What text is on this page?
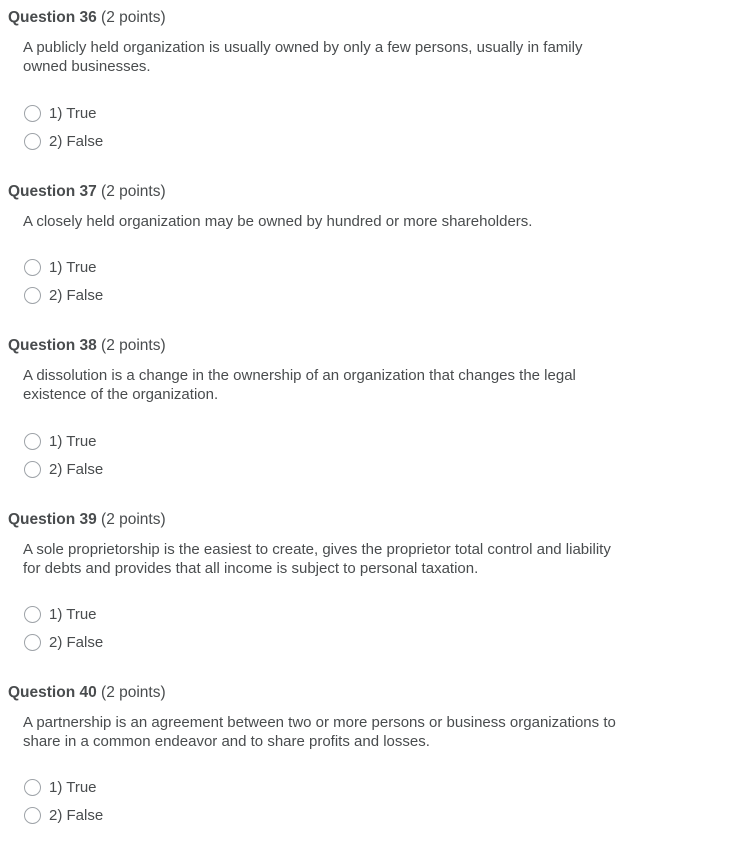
Question 36 (2 points)
A publicly held organization is usually owned by only a few persons, usually in family owned businesses.
1) True
2) False
Question 37 (2 points)
A closely held organization may be owned by hundred or more shareholders.
1) True
2) False
Question 38 (2 points)
A dissolution is a change in the ownership of an organization that changes the legal existence of the organization.
1) True
2) False
Question 39 (2 points)
A sole proprietorship is the easiest to create, gives the proprietor total control and liability for debts and provides that all income is subject to personal taxation.
1) True
2) False
Question 40 (2 points)
A partnership is an agreement between two or more persons or business organizations to share in a common endeavor and to share profits and losses.
1) True
2) False
